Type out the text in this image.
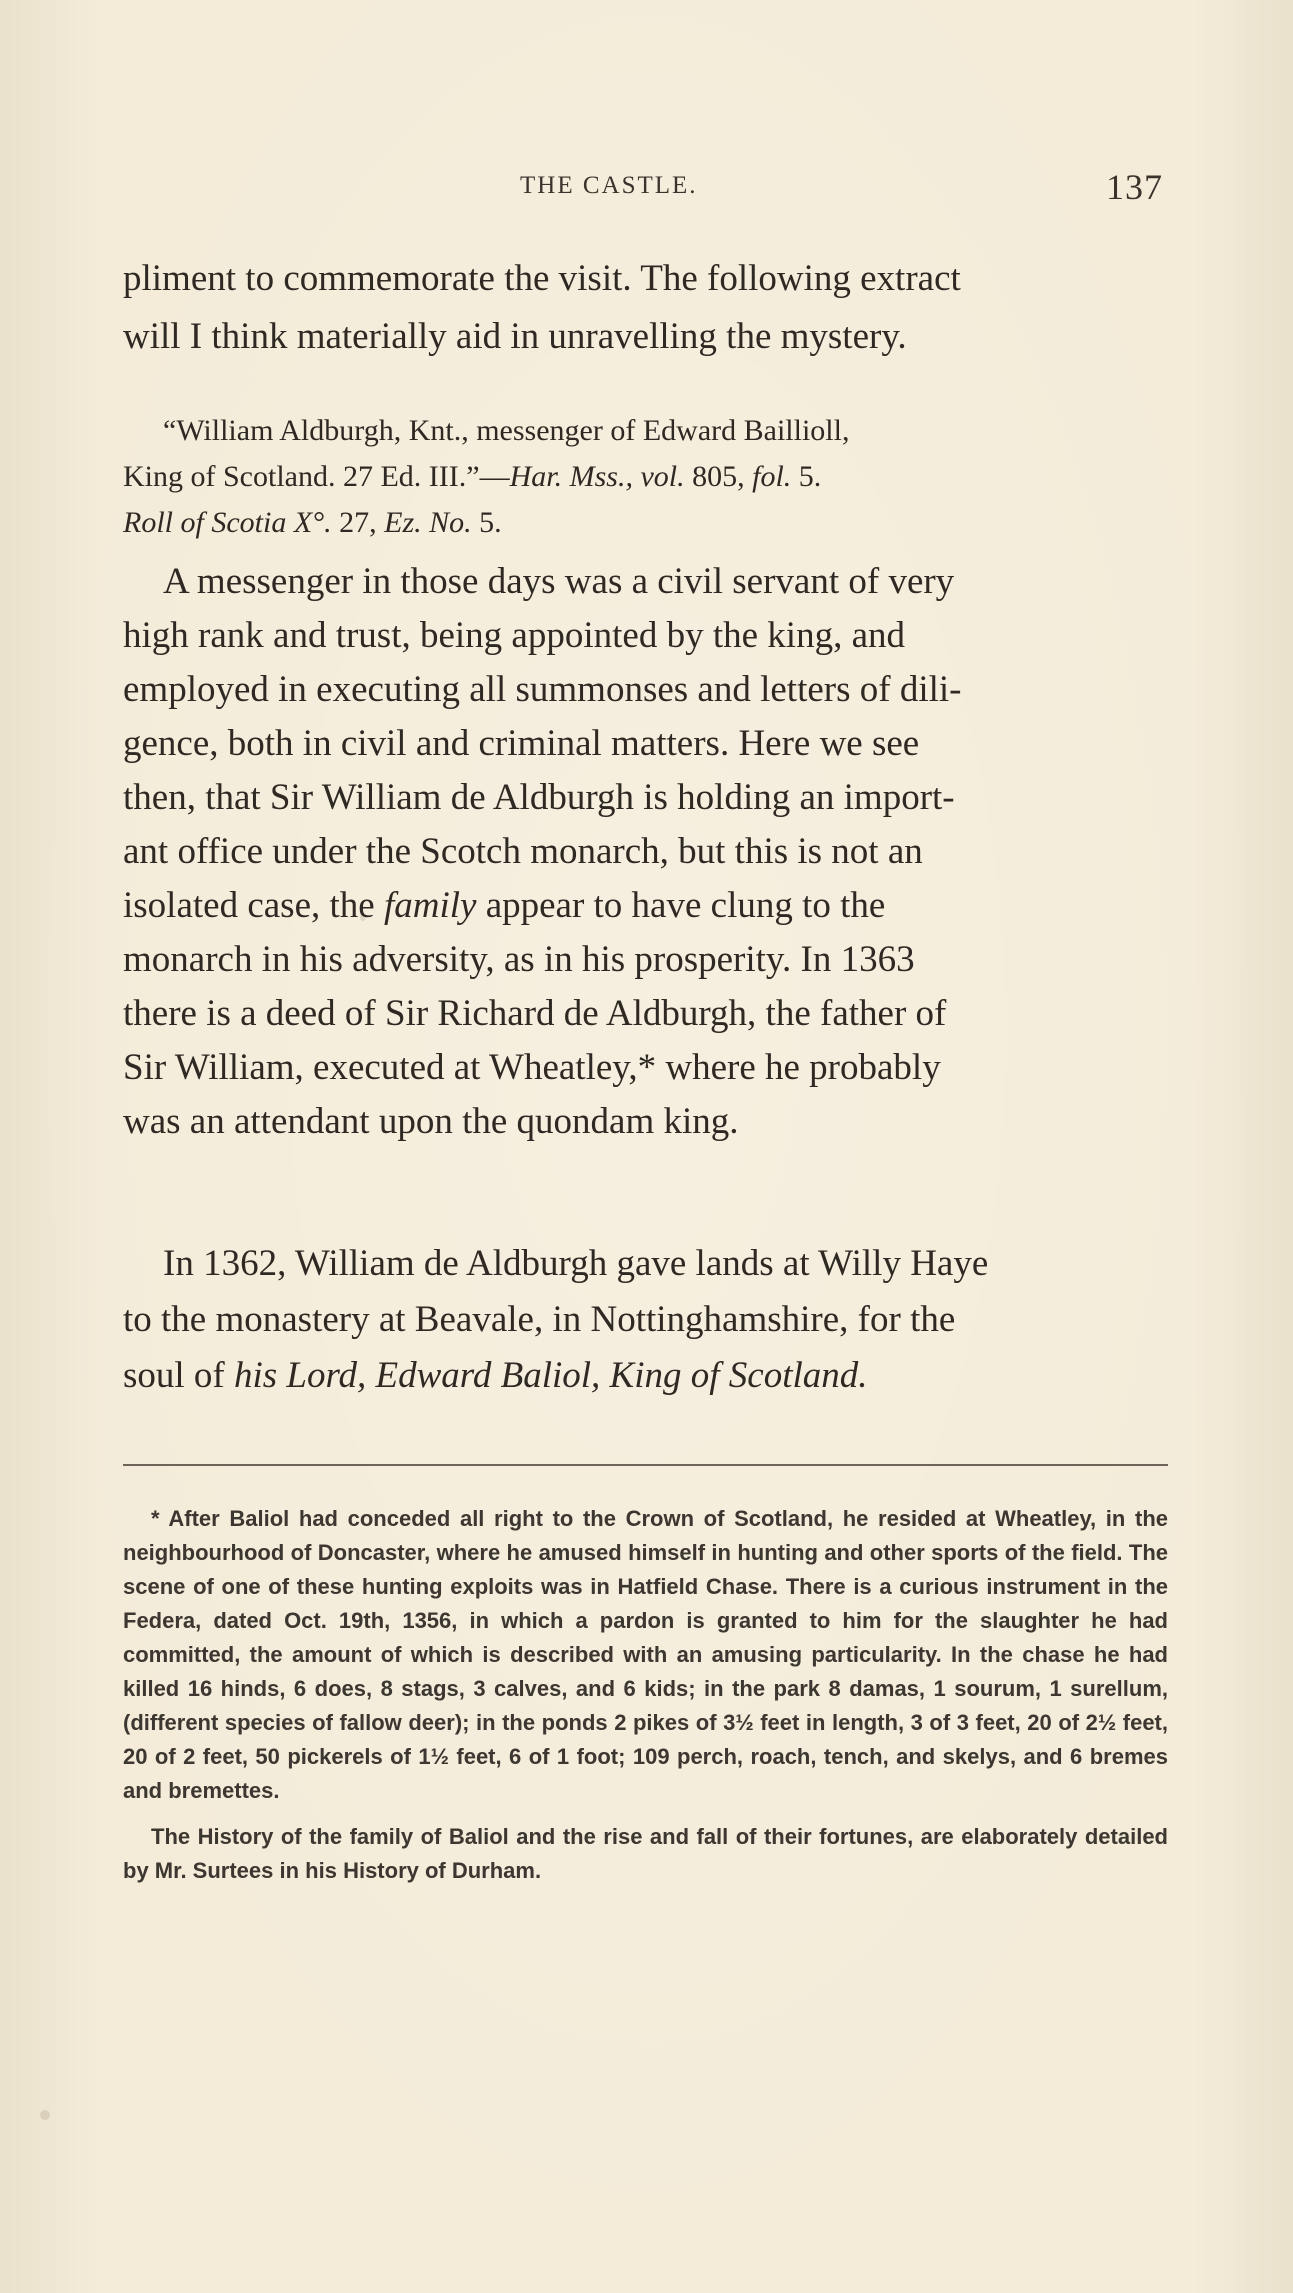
THE CASTLE.	137
pliment to commemorate the visit. The following extract
will I think materially aid in unravelling the mystery.
“William Aldburgh, Knt., messenger of Edward Baillioll,
King of Scotland. 27 Ed. III.”—Har. Mss., vol. 805, fol. 5.
Roll of Scotia X°. 27, Ez. No. 5.
A messenger in those days was a civil servant of very
high rank and trust, being appointed by the king, and
employed in executing all summonses and letters of dili-
gence, both in civil and criminal matters. Here we see
then, that Sir William de Aldburgh is holding an import-
ant office under the Scotch monarch, but this is not an
isolated case, the family appear to have clung to the
monarch in his adversity, as in his prosperity. In 1363
there is a deed of Sir Richard de Aldburgh, the father of
Sir William, executed at Wheatley,* where he probably
was an attendant upon the quondam king.
In 1362, William de Aldburgh gave lands at Willy Haye
to the monastery at Beavale, in Nottinghamshire, for the
soul of his Lord, Edward Baliol, King of Scotland.

* After Baliol had conceded all right to the Crown of Scotland, he resided at Wheatley, in the neighbourhood of Doncaster, where he amused himself in hunting and other sports of the field. The scene of one of these hunting exploits was in Hatfield Chase. There is a curious instrument in the Federa, dated Oct. 19th, 1356, in which a pardon is granted to him for the slaughter he had committed, the amount of which is described with an amusing particularity. In the chase he had killed 16 hinds, 6 does, 8 stags, 3 calves, and 6 kids; in the park 8 damas, 1 sourum, 1 surellum, (different species of fallow deer); in the ponds 2 pikes of 3½ feet in length, 3 of 3 feet, 20 of 2½ feet, 20 of 2 feet, 50 pickerels of 1½ feet, 6 of 1 foot; 109 perch, roach, tench, and skelys, and 6 bremes and bremettes.

The History of the family of Baliol and the rise and fall of their fortunes, are elaborately detailed by Mr. Surtees in his History of Durham.
